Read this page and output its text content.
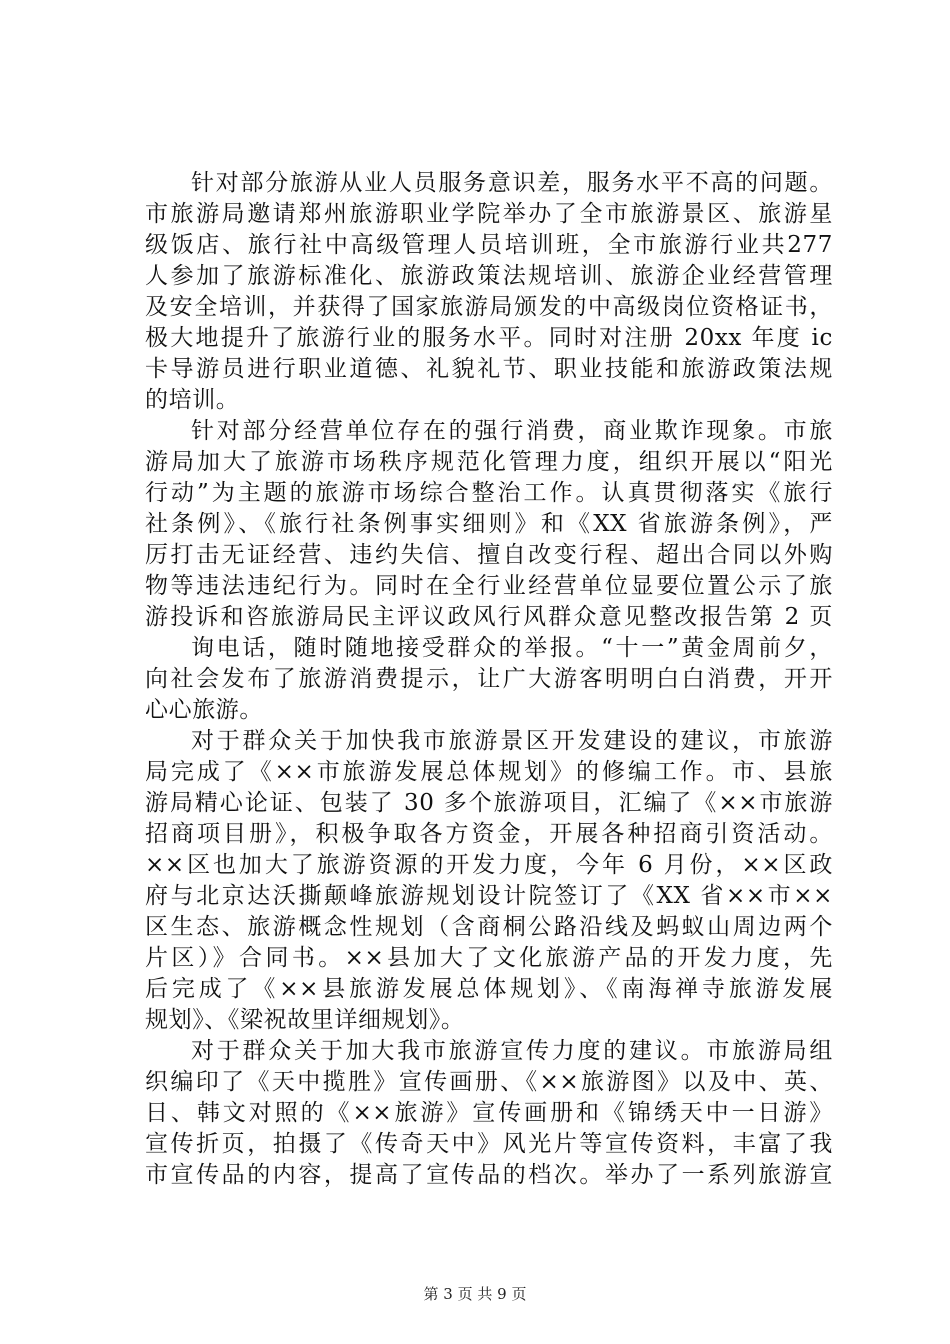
针对部分旅游从业人员服务意识差，服务水平不高的问题。
市旅游局邀请郑州旅游职业学院举办了全市旅游景区、旅游星
级饭店、旅行社中高级管理人员培训班，全市旅游行业共277
人参加了旅游标准化、旅游政策法规培训、旅游企业经营管理
及安全培训，并获得了国家旅游局颁发的中高级岗位资格证书，
极大地提升了旅游行业的服务水平。同时对注册 20xx 年度 ic
卡导游员进行职业道德、礼貌礼节、职业技能和旅游政策法规
的培训。
针对部分经营单位存在的强行消费，商业欺诈现象。市旅
游局加大了旅游市场秩序规范化管理力度，组织开展以“阳光
行动”为主题的旅游市场综合整治工作。认真贯彻落实《旅行
社条例》、《旅行社条例事实细则》和《XX 省旅游条例》，严
厉打击无证经营、违约失信、擅自改变行程、超出合同以外购
物等违法违纪行为。同时在全行业经营单位显要位置公示了旅
游投诉和咨旅游局民主评议政风行风群众意见整改报告第 2 页
询电话，随时随地接受群众的举报。“十一”黄金周前夕，
向社会发布了旅游消费提示，让广大游客明明白白消费，开开
心心旅游。
对于群众关于加快我市旅游景区开发建设的建议，市旅游
局完成了《××市旅游发展总体规划》的修编工作。市、县旅
游局精心论证、包装了 30 多个旅游项目，汇编了《××市旅游
招商项目册》，积极争取各方资金，开展各种招商引资活动。
××区也加大了旅游资源的开发力度，今年 6 月份，××区政
府与北京达沃撕颠峰旅游规划设计院签订了《XX 省××市××
区生态、旅游概念性规划（含商桐公路沿线及蚂蚁山周边两个
片区）》合同书。××县加大了文化旅游产品的开发力度，先
后完成了《××县旅游发展总体规划》、《南海禅寺旅游发展
规划》、《梁祝故里详细规划》。
对于群众关于加大我市旅游宣传力度的建议。市旅游局组
织编印了《天中揽胜》宣传画册、《××旅游图》以及中、英、
日、韩文对照的《××旅游》宣传画册和《锦绣天中一日游》
宣传折页，拍摄了《传奇天中》风光片等宣传资料，丰富了我
市宣传品的内容，提高了宣传品的档次。举办了一系列旅游宣
第 3 页 共 9 页
